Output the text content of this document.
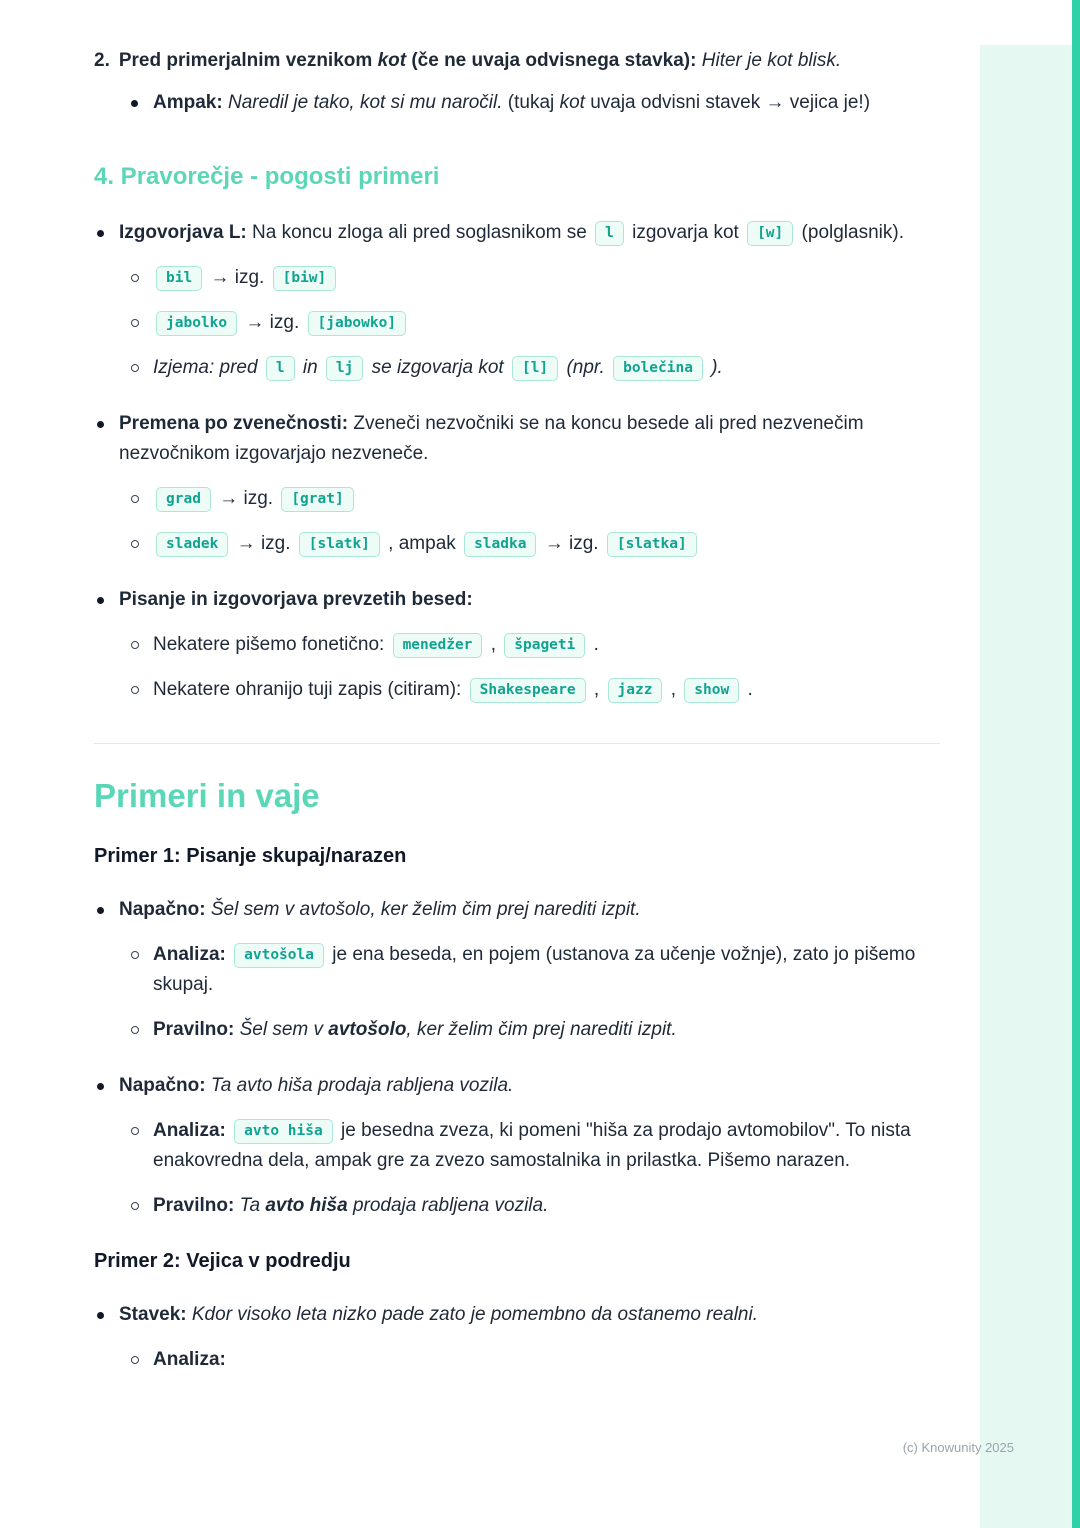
2. Pred primerjalnim veznikom kot (če ne uvaja odvisnega stavka): Hiter je kot blisk.
Ampak: Naredil je tako, kot si mu naročil. (tukaj kot uvaja odvisni stavek → vejica je!)
4. Pravorečje - pogosti primeri
Izgovorjava L: Na koncu zloga ali pred soglasnikom se l izgovarja kot [w] (polglasnik).
bil → izg. [biw]
jabolko → izg. [jabowko]
Izjema: pred l in lj se izgovarja kot [l] (npr. bolečina ).
Premena po zvenečnosti: Zveneči nezvočniki se na koncu besede ali pred nezvenečim nezvočnikom izgovarjajo nezveneče.
grad → izg. [grat]
sladek → izg. [slatk] , ampak sladka → izg. [slatka]
Pisanje in izgovorjava prevzetih besed:
Nekatere pišemo fonetično: menedžer , špageti .
Nekatere ohranijo tuji zapis (citiram): Shakespeare , jazz , show .
Primeri in vaje
Primer 1: Pisanje skupaj/narazen
Napačno: Šel sem v avtošolo, ker želim čim prej narediti izpit.
Analiza: avtošola je ena beseda, en pojem (ustanova za učenje vožnje), zato jo pišemo skupaj.
Pravilno: Šel sem v avtošolo, ker želim čim prej narediti izpit.
Napačno: Ta avto hiša prodaja rabljena vozila.
Analiza: avto hiša je besedna zveza, ki pomeni "hiša za prodajo avtomobilov". To nista enakovredna dela, ampak gre za zvezo samostalnika in prilastka. Pišemo narazen.
Pravilno: Ta avto hiša prodaja rabljena vozila.
Primer 2: Vejica v podredju
Stavek: Kdor visoko leta nizko pade zato je pomembno da ostanemo realni.
Analiza:
(c) Knowunity 2025
